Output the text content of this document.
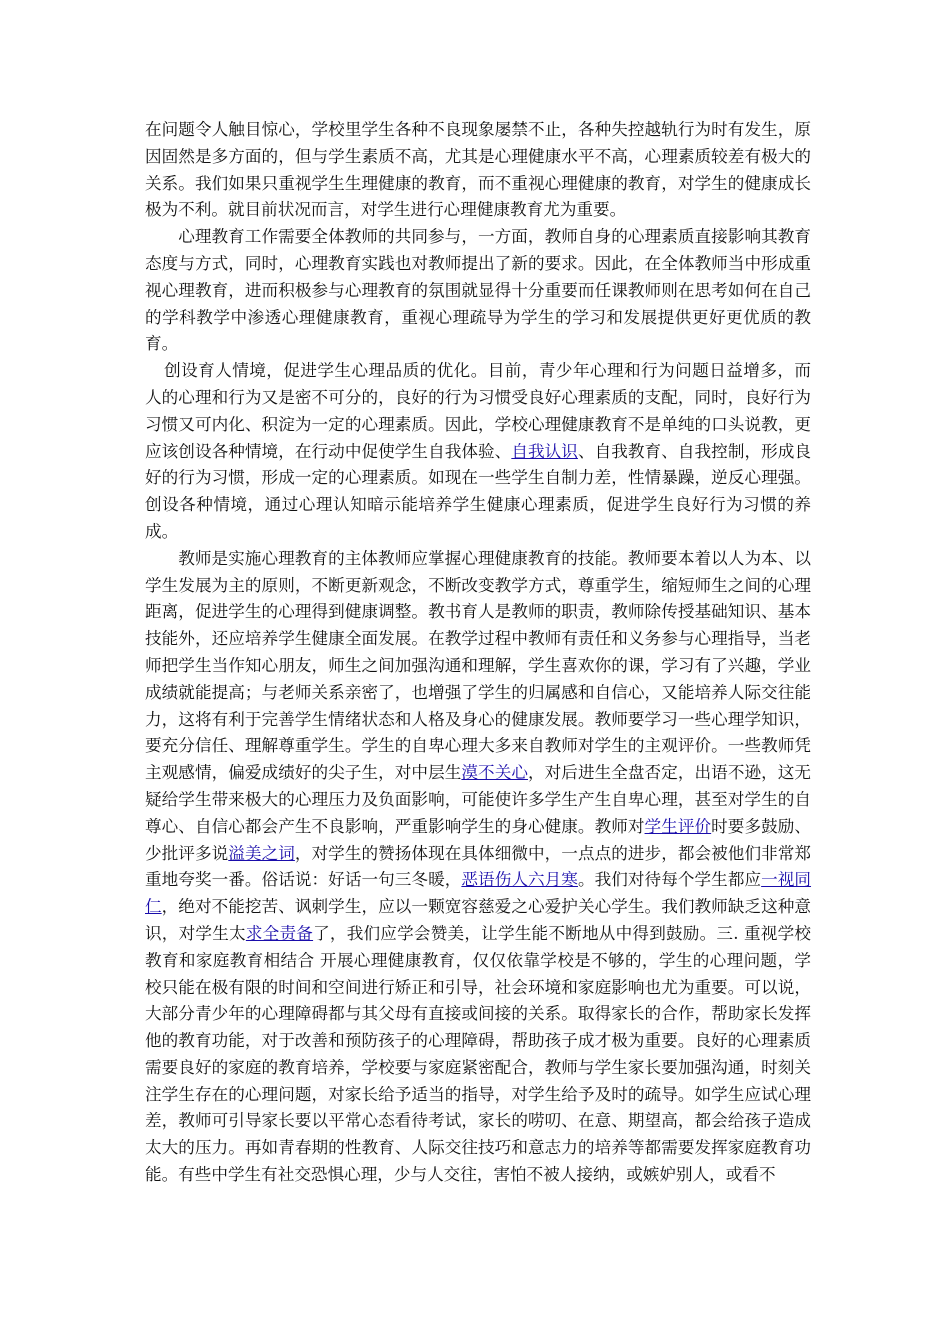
在问题令人触目惊心，学校里学生各种不良现象屡禁不止，各种失控越轨行为时有发生，原因固然是多方面的，但与学生素质不高，尤其是心理健康水平不高，心理素质较差有极大的关系。我们如果只重视学生生理健康的教育，而不重视心理健康的教育，对学生的健康成长极为不利。就目前状况而言，对学生进行心理健康教育尤为重要。

心理教育工作需要全体教师的共同参与，一方面，教师自身的心理素质直接影响其教育态度与方式，同时，心理教育实践也对教师提出了新的要求。因此，在全体教师当中形成重视心理教育，进而积极参与心理教育的氛围就显得十分重要而任课教师则在思考如何在自己的学科教学中渗透心理健康教育，重视心理疏导为学生的学习和发展提供更好更优质的教育。

创设育人情境，促进学生心理品质的优化。目前，青少年心理和行为问题日益增多，而人的心理和行为又是密不可分的，良好的行为习惯受良好心理素质的支配，同时，良好行为习惯又可内化、积淀为一定的心理素质。因此，学校心理健康教育不是单纯的口头说教，更应该创设各种情境，在行动中促使学生自我体验、自我认识、自我教育、自我控制，形成良好的行为习惯，形成一定的心理素质。如现在一些学生自制力差，性情暴躁，逆反心理强。创设各种情境，通过心理认知暗示能培养学生健康心理素质，促进学生良好行为习惯的养成。

教师是实施心理教育的主体教师应掌握心理健康教育的技能。教师要本着以人为本、以学生发展为主的原则，不断更新观念，不断改变教学方式，尊重学生，缩短师生之间的心理距离，促进学生的心理得到健康调整。教书育人是教师的职责，教师除传授基础知识、基本技能外，还应培养学生健康全面发展。在教学过程中教师有责任和义务参与心理指导，当老师把学生当作知心朋友，师生之间加强沟通和理解，学生喜欢你的课，学习有了兴趣，学业成绩就能提高；与老师关系亲密了，也增强了学生的归属感和自信心，又能培养人际交往能力，这将有利于完善学生情绪状态和人格及身心的健康发展。教师要学习一些心理学知识，要充分信任、理解尊重学生。学生的自卑心理大多来自教师对学生的主观评价。一些教师凭主观感情，偏爱成绩好的尖子生，对中层生漠不关心，对后进生全盘否定，出语不逊，这无疑给学生带来极大的心理压力及负面影响，可能使许多学生产生自卑心理，甚至对学生的自尊心、自信心都会产生不良影响，严重影响学生的身心健康。教师对学生评价时要多鼓励、少批评多说溢美之词，对学生的赞扬体现在具体细微中，一点点的进步，都会被他们非常郑重地夸奖一番。俗话说：好话一句三冬暖，恶语伤人六月寒。我们对待每个学生都应一视同仁，绝对不能挖苦、讽刺学生，应以一颗宽容慈爱之心爱护关心学生。我们教师缺乏这种意识，对学生太求全责备了，我们应学会赞美，让学生能不断地从中得到鼓励。三. 重视学校教育和家庭教育相结合 开展心理健康教育，仅仅依靠学校是不够的，学生的心理问题，学校只能在极有限的时间和空间进行矫正和引导，社会环境和家庭影响也尤为重要。可以说，大部分青少年的心理障碍都与其父母有直接或间接的关系。取得家长的合作，帮助家长发挥他的教育功能，对于改善和预防孩子的心理障碍，帮助孩子成才极为重要。良好的心理素质需要良好的家庭的教育培养，学校要与家庭紧密配合，教师与学生家长要加强沟通，时刻关注学生存在的心理问题，对家长给予适当的指导，对学生给予及时的疏导。如学生应试心理差，教师可引导家长要以平常心态看待考试，家长的唠叨、在意、期望高，都会给孩子造成太大的压力。再如青春期的性教育、人际交往技巧和意志力的培养等都需要发挥家庭教育功能。有些中学生有社交恐惧心理，少与人交往，害怕不被人接纳，或嫉妒别人，或看不
